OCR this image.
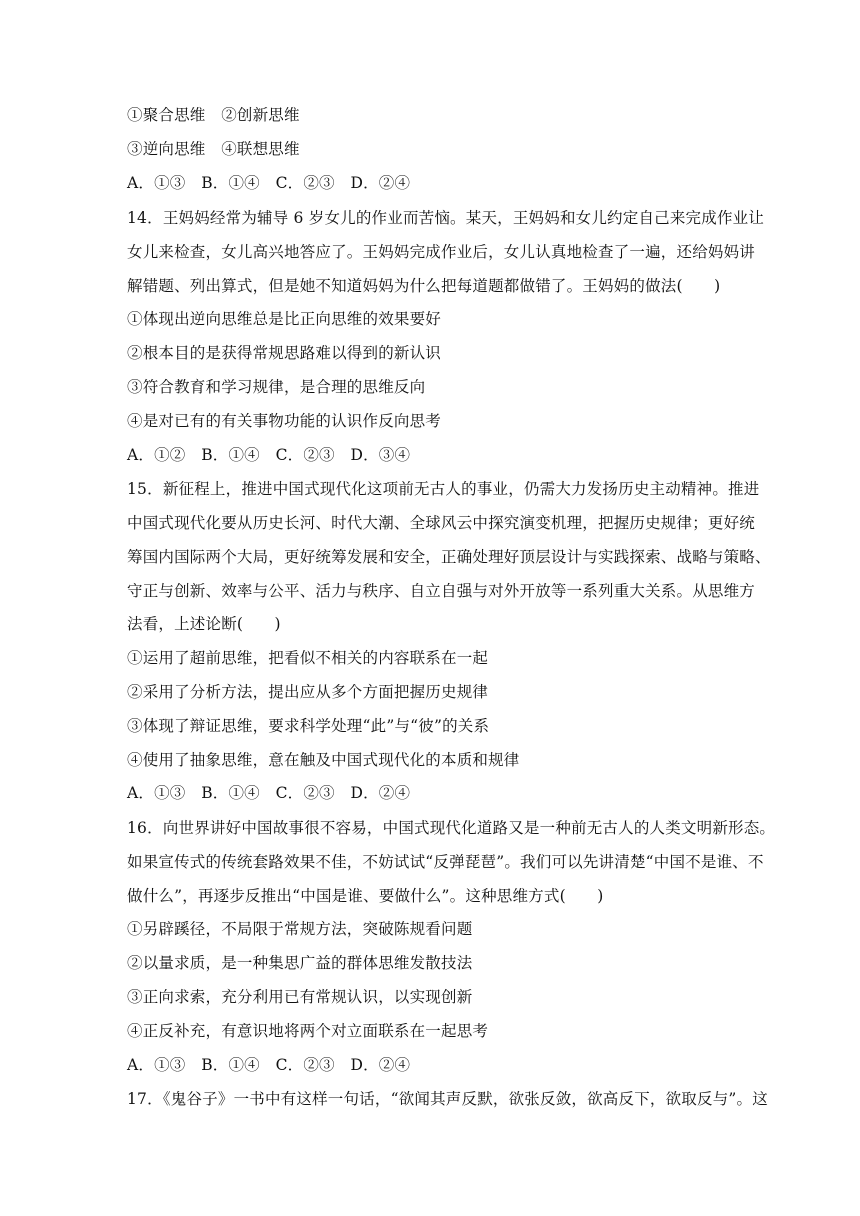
①聚合思维　②创新思维
③逆向思维　④联想思维
A．①③　B．①④　C．②③　D．②④
14．王妈妈经常为辅导 6 岁女儿的作业而苦恼。某天，王妈妈和女儿约定自己来完成作业让
女儿来检查，女儿高兴地答应了。王妈妈完成作业后，女儿认真地检查了一遍，还给妈妈讲
解错题、列出算式，但是她不知道妈妈为什么把每道题都做错了。王妈妈的做法(　　)
①体现出逆向思维总是比正向思维的效果要好
②根本目的是获得常规思路难以得到的新认识
③符合教育和学习规律，是合理的思维反向
④是对已有的有关事物功能的认识作反向思考
A．①②　B．①④　C．②③　D．③④
15．新征程上，推进中国式现代化这项前无古人的事业，仍需大力发扬历史主动精神。推进
中国式现代化要从历史长河、时代大潮、全球风云中探究演变机理，把握历史规律；更好统
筹国内国际两个大局，更好统筹发展和安全，正确处理好顶层设计与实践探索、战略与策略、
守正与创新、效率与公平、活力与秩序、自立自强与对外开放等一系列重大关系。从思维方
法看，上述论断(　　)
①运用了超前思维，把看似不相关的内容联系在一起
②采用了分析方法，提出应从多个方面把握历史规律
③体现了辩证思维，要求科学处理“此”与“彼”的关系
④使用了抽象思维，意在触及中国式现代化的本质和规律
A．①③　B．①④　C．②③　D．②④
16．向世界讲好中国故事很不容易，中国式现代化道路又是一种前无古人的人类文明新形态。
如果宣传式的传统套路效果不佳，不妨试试“反弹琵琶”。我们可以先讲清楚“中国不是谁、不
做什么”，再逐步反推出“中国是谁、要做什么”。这种思维方式(　　)
①另辟蹊径，不局限于常规方法，突破陈规看问题
②以量求质，是一种集思广益的群体思维发散技法
③正向求索，充分利用已有常规认识，以实现创新
④正反补充，有意识地将两个对立面联系在一起思考
A．①③　B．①④　C．②③　D．②④
17．《鬼谷子》一书中有这样一句话，“欲闻其声反默，欲张反敛，欲高反下，欲取反与”。这
